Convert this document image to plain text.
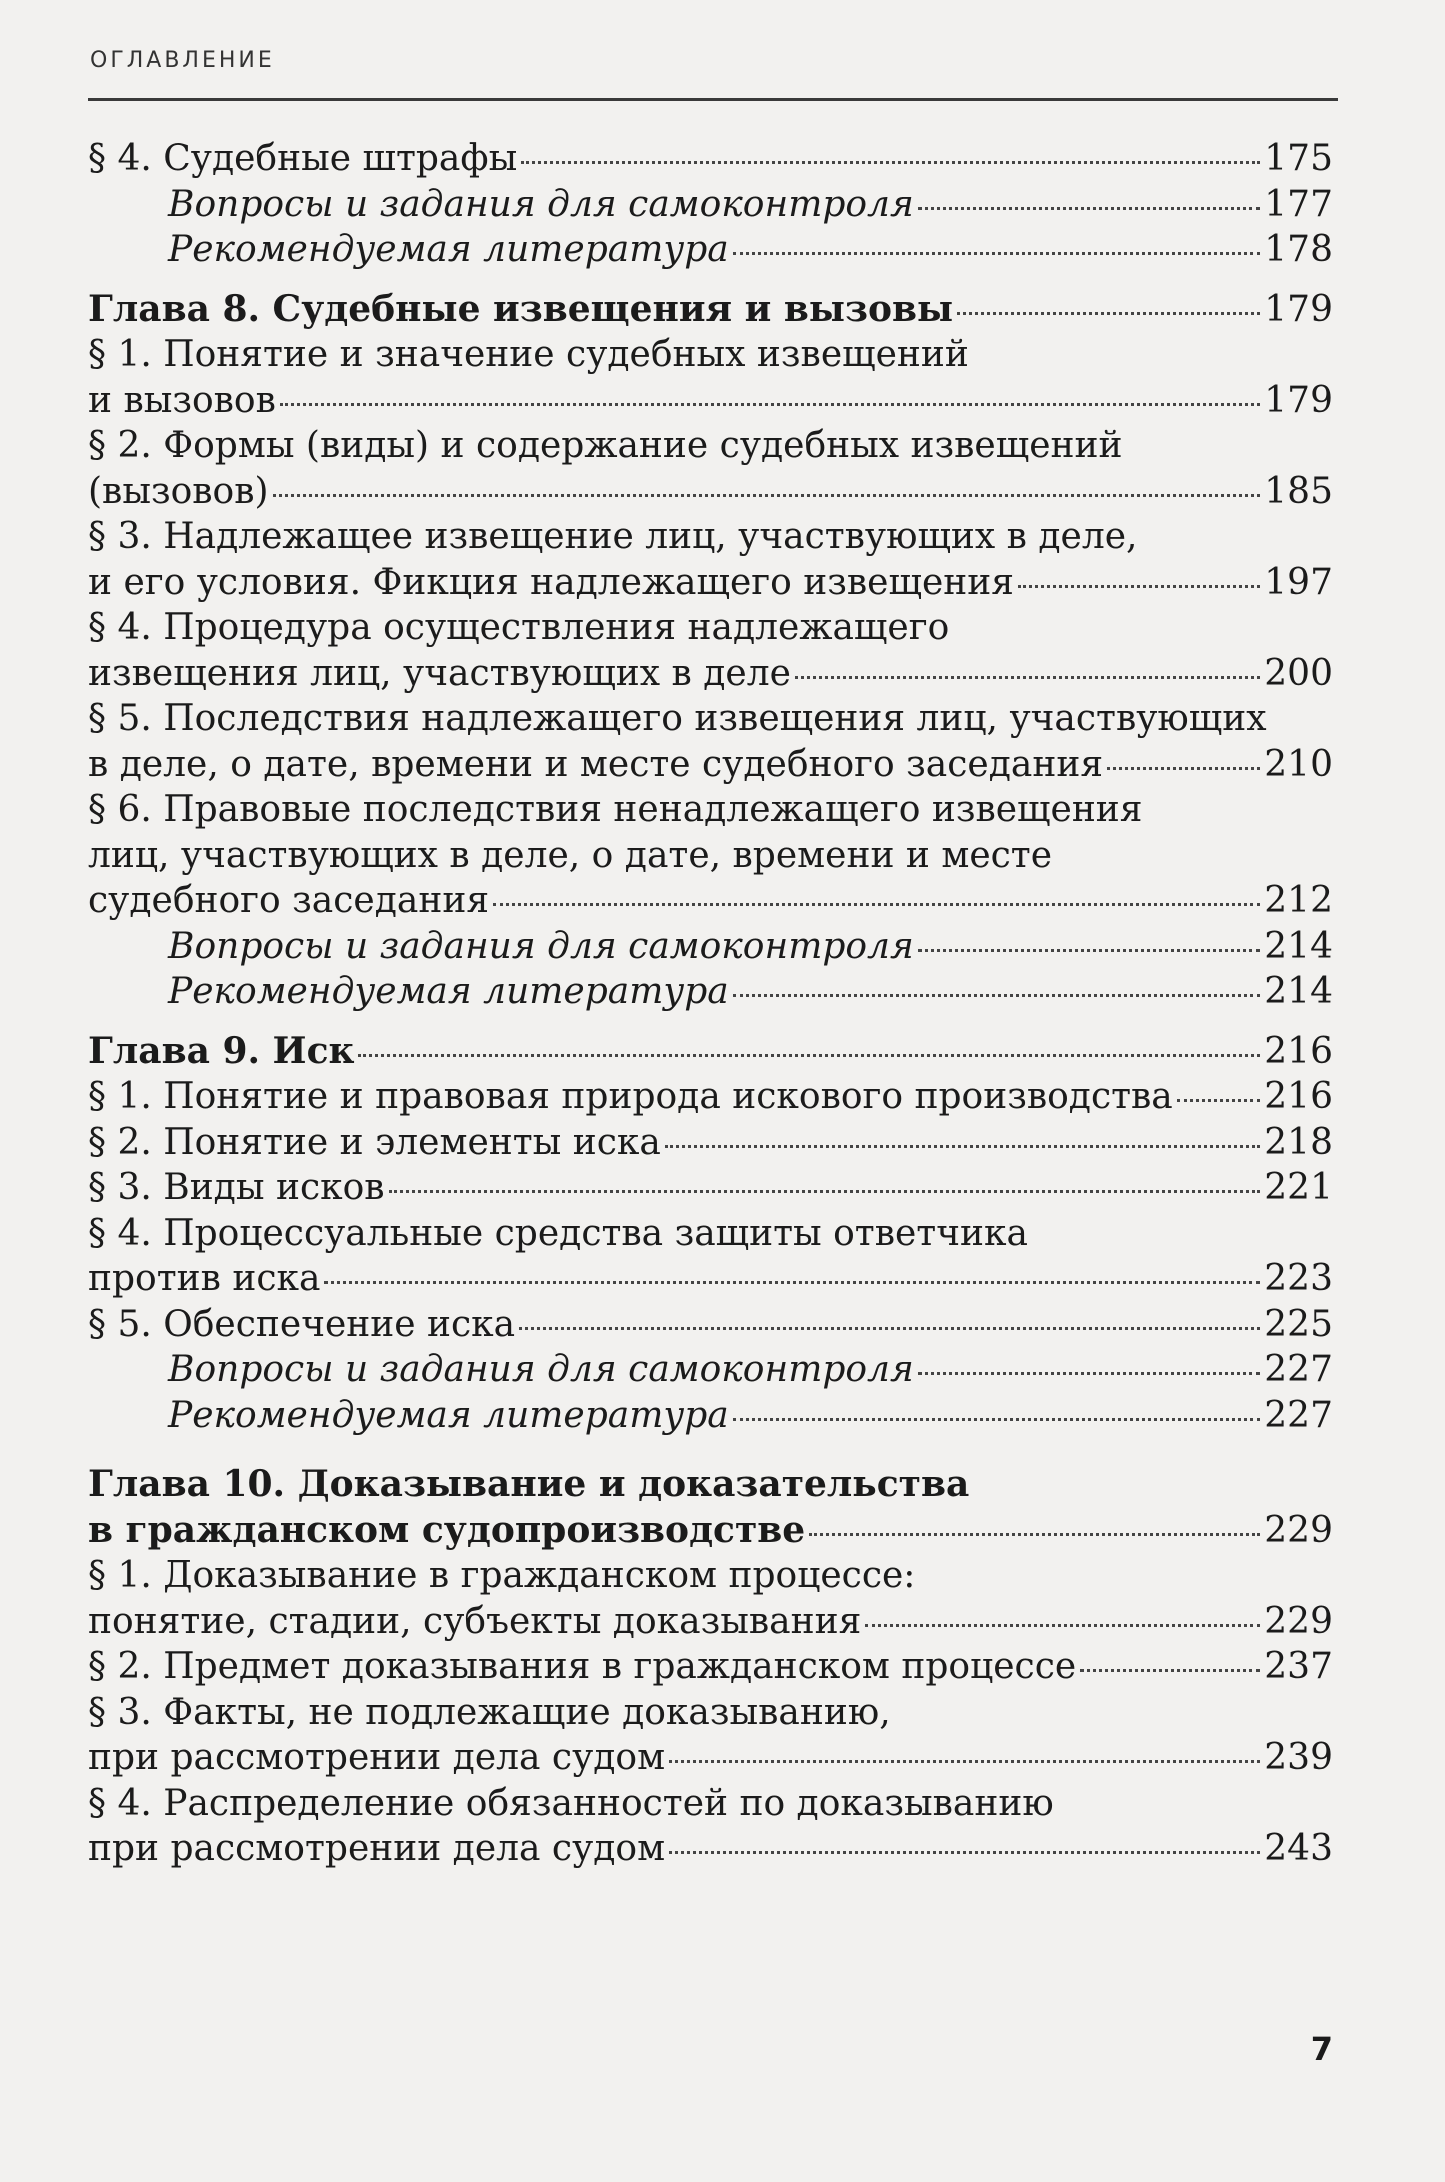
ОГЛАВЛЕНИЕ
§ 4. Судебные штрафы	175
Вопросы и задания для самоконтроля	177
Рекомендуемая литература	178
Глава 8. Судебные извещения и вызовы	179
§ 1. Понятие и значение судебных извещений
и вызовов	179
§ 2. Формы (виды) и содержание судебных извещений
(вызовов)	185
§ 3. Надлежащее извещение лиц, участвующих в деле,
и его условия. Фикция надлежащего извещения	197
§ 4. Процедура осуществления надлежащего
извещения лиц, участвующих в деле	200
§ 5. Последствия надлежащего извещения лиц, участвующих
в деле, о дате, времени и месте судебного заседания	210
§ 6. Правовые последствия ненадлежащего извещения
лиц, участвующих в деле, о дате, времени и месте
судебного заседания	212
Вопросы и задания для самоконтроля	214
Рекомендуемая литература	214
Глава 9. Иск	216
§ 1. Понятие и правовая природа искового производства	216
§ 2. Понятие и элементы иска	218
§ 3. Виды исков	221
§ 4. Процессуальные средства защиты ответчика
против иска	223
§ 5. Обеспечение иска	225
Вопросы и задания для самоконтроля	227
Рекомендуемая литература	227
Глава 10. Доказывание и доказательства
в гражданском судопроизводстве	229
§ 1. Доказывание в гражданском процессе:
понятие, стадии, субъекты доказывания	229
§ 2. Предмет доказывания в гражданском процессе	237
§ 3. Факты, не подлежащие доказыванию,
при рассмотрении дела судом	239
§ 4. Распределение обязанностей по доказыванию
при рассмотрении дела судом	243
7
